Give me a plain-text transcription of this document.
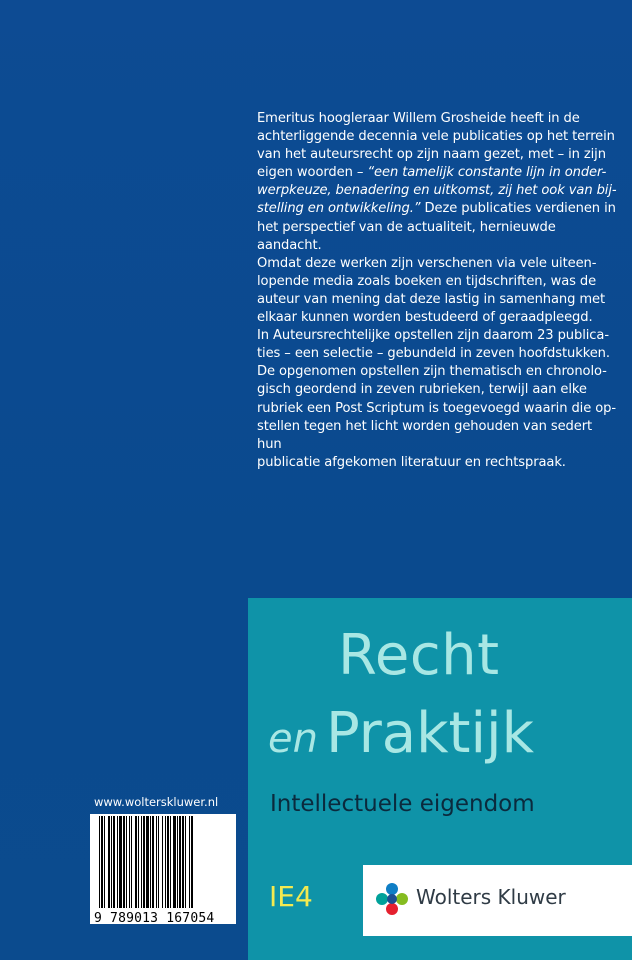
Emeritus hoogleraar Willem Grosheide heeft in de

achterliggende decennia vele publicaties op het terrein

van het auteursrecht op zijn naam gezet, met – in zijn

eigen woorden – “een tamelijk constante lijn in onder-

werpkeuze, benadering en uitkomst, zij het ook van bij-

stelling en ontwikkeling.” Deze publicaties verdienen in

het perspectief van de actualiteit, hernieuwde aandacht.

Omdat deze werken zijn verschenen via vele uiteen-

lopende media zoals boeken en tijdschriften, was de

auteur van mening dat deze lastig in samenhang met

elkaar kunnen worden bestudeerd of geraadpleegd.

In Auteursrechtelijke opstellen zijn daarom 23 publica-

ties – een selectie – gebundeld in zeven hoofdstukken.

De opgenomen opstellen zijn thematisch en chronolo-

gisch geordend in zeven rubrieken, terwijl aan elke

rubriek een Post Scriptum is toegevoegd waarin die op-

stellen tegen het licht worden gehouden van sedert hun

publicatie afgekomen literatuur en rechtspraak.

Recht
en Praktijk
Intellectuele eigendom
IE4	Wolters Kluwer
www.wolterskluwer.nl
9 789013 167054
